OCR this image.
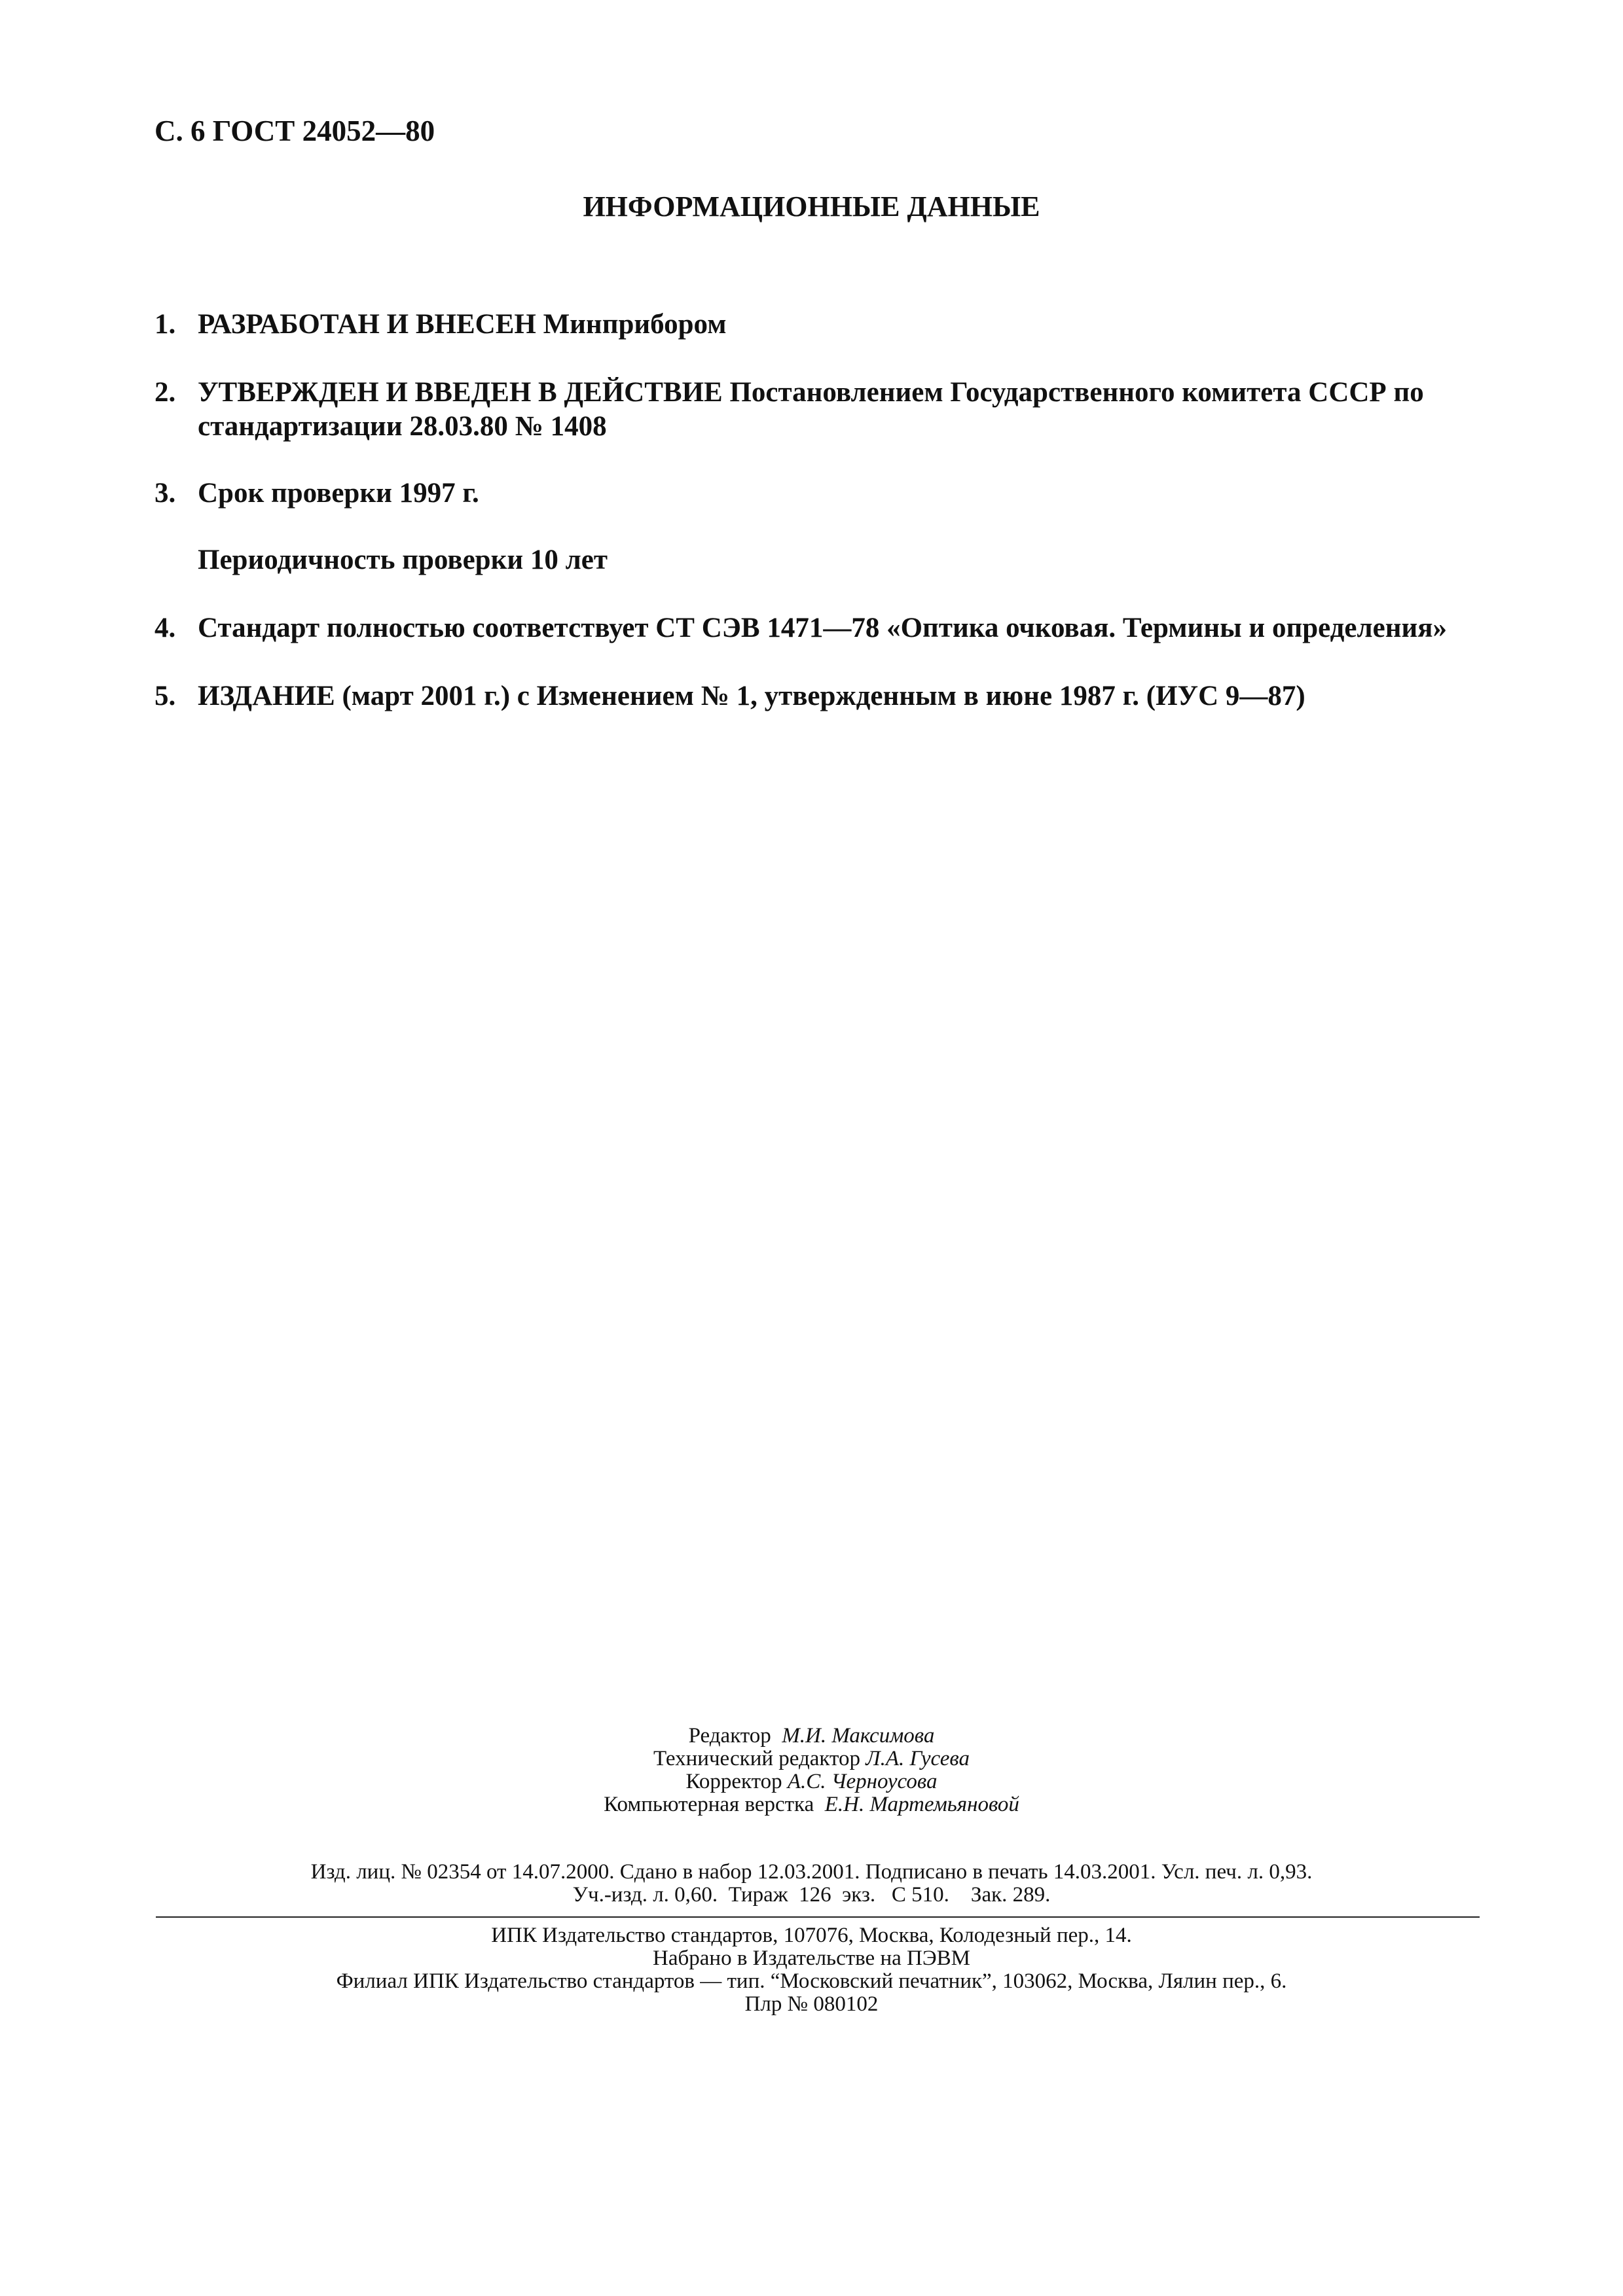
С. 6 ГОСТ 24052—80
ИНФОРМАЦИОННЫЕ ДАННЫЕ
1. РАЗРАБОТАН И ВНЕСЕН Минприбором
2. УТВЕРЖДЕН И ВВЕДЕН В ДЕЙСТВИЕ Постановлением Государственного комитета СССР по
стандартизации 28.03.80 № 1408
3. Срок проверки 1997 г.
Периодичность проверки 10 лет
4. Стандарт полностью соответствует СТ СЭВ 1471—78 «Оптика очковая. Термины и определения»
5. ИЗДАНИЕ (март 2001 г.) с Изменением № 1, утвержденным в июне 1987 г. (ИУС 9—87)
Редактор М.И. Максимова
Технический редактор Л.А. Гусева
Корректор А.С. Черноусова
Компьютерная верстка Е.Н. Мартемьяновой
Изд. лиц. № 02354 от 14.07.2000. Сдано в набор 12.03.2001. Подписано в печать 14.03.2001. Усл. печ. л. 0,93.
Уч.-изд. л. 0,60.  Тираж  126  экз.   С 510.    Зак. 289.
ИПК Издательство стандартов, 107076, Москва, Колодезный пер., 14.
Набрано в Издательстве на ПЭВМ
Филиал ИПК Издательство стандартов — тип. “Московский печатник”, 103062, Москва, Лялин пер., 6.
Плр № 080102
